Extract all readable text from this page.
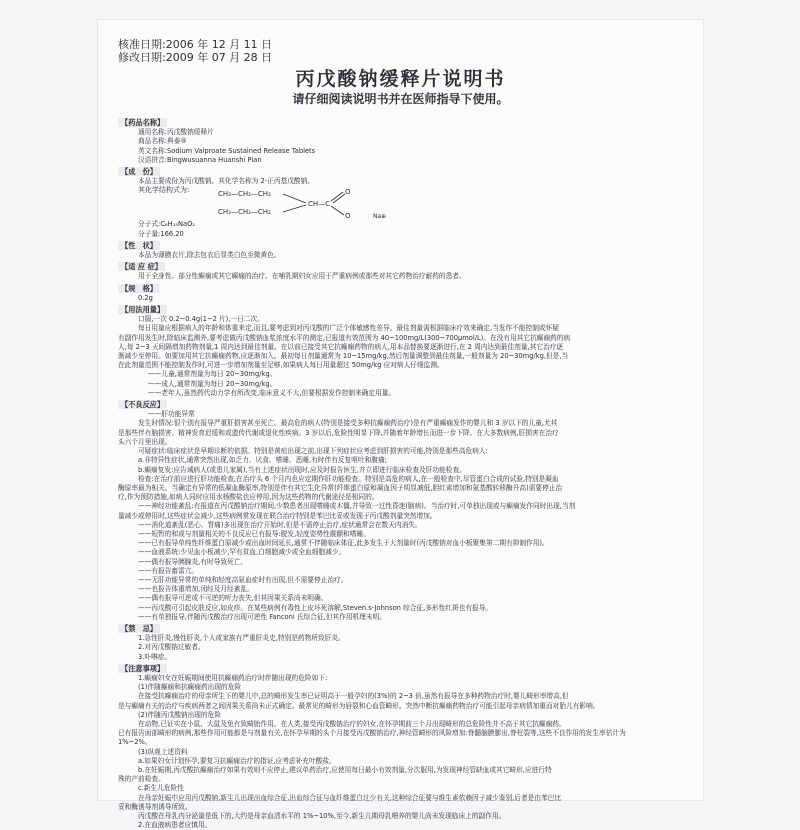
核准日期:2006 年 12 月 11 日
修改日期:2009 年 07 月 28 日
丙戊酸钠缓释片说明书
请仔细阅读说明书并在医师指导下使用。
【药品名称】
通用名称:丙戊酸钠缓释片
商品名称:典泰®
英文名称:Sodium Valproate Sustained Release Tablets
汉语拼音:Bingwusuanna Huanshi Pian
【成　份】
本品主要成份为丙戊酸钠。其化学名称为 2-正丙基戊酸钠。
其化学结构式为:	CH₃—CH₂—CH₂
CH₃—CH₂—CH₂
CH—C
O
O	Na⊕
分子式:C₈H₁₅NaO₂
分子量:166.20
【性　状】
本品为薄膜衣片,除去包衣后显类白色至微黄色。
【适 应 症】
用于全身性、部分性癫痫或其它癫痫的治疗。在哺乳期妇女应用于严重病例或那些对其它药物治疗耐药的患者。
【规　格】
0.2g
【用法用量】
口服,一次 0.2~0.4g(1~2 片),一日二次。
每日用量应根据病人的年龄和体重来定,而且,要考虑到对丙戊酸的广泛个体敏感性差异。最佳剂量需根据临床疗效来确定,当发作不能控制或怀疑
有副作用发生时,除临床监测外,要考虑做丙戊酸钠血浆浓度水平的测定,已报道有效范围为 40~100mg/L(300~700μmol/L)。在没有用其它抗癫痫药的病
人,每 2~3 天间隔增加药物剂量,1 周内达到最佳剂量。在以前已接受其它抗癫痫药物的病人,用本品替换要逐渐进行,在 2 周内达到最佳剂量,其它治疗逐
渐减少至停用。如要加用其它抗癫痫药物,应逐渐加入。最初每日剂量通常为 10~15mg/kg,然后剂量调整到最佳剂量,一般剂量为 20~30mg/kg,但是,当
在此剂量范围不能控制发作时,可进一步增加剂量至足够,如果病人每日用量超过 50mg/kg 应对病人仔细监测。
——儿童,通常剂量为每日 20~30mg/kg。
——成人,通常剂量为每日 20~30mg/kg。
——老年人,虽然药代动力学有所改变,临床意义不大,但要根据发作控制来确定用量。
【不良反应】
——肝功能异常
发生时情况:很个别有报导严重肝损害甚至死亡。最高危的病人(特别是接受多种抗癫痫药治疗)是有严重癫痫发作的婴儿和 3 岁以下的儿童,尤其
是那些伴有脑损害、精神发育迟缓和或遗传代谢或退化性疾病。3 岁以后,危险性明显下降,并随着年龄增长而进一步下降。在大多数病例,肝损害在治疗
头六个月里出现。
可疑症状:临床症状是早期诊断的依据。特别是黄疸出现之前,出现下列症状应考虑到肝损害的可能,特别是那些高危病人:
a.非特异性症状,通常突然出现,如乏力、厌食、嗜睡、恶睡,有时伴有反复呕吐和腹痛;
b.癫痫复发:应告诫病人(或患儿家属),当有上述症状出现时,应及时报告医生,并立即进行临床检查及肝功能检查。
检查:在治疗前应进行肝功能检查,在治疗头 6 个月内也应定期作肝功能检查。特别是高危的病人,在一般检查中,尽管蛋白合成的试验,特别是凝血
酶原率最为相关。当确定有异常的低凝血酶原率,特别是伴有其它生化异常(纤维蛋白原和凝血因子明显减低,胆红素增加和氨基酸转移酶升高)需要停止治
疗,作为预防措施,如病人同时应用水杨酸盐也应停用,因为这些药物的代谢途径是相同的。
——神经功能紊乱:有报道在丙戊酸钠治疗期间,少数患者出现嗜睡或木僵,并导致一过性昏迷(脑病)。当治疗时,可单独出现或与癫痫发作同时出现,当剂
量减少或停用时,这些症状会减少,这些病例常发现在联合治疗特别是苯巴比妥或发现于丙戊酸剂量突然增加。
——消化道紊乱(恶心、胃痛)多出现在治疗开始时,但是不需停止治疗,症状通常会在数天内消失。
——短暂的和或与剂量相关的不良反应已有报导:脱发,轻度姿势性震颤和嗜睡。
——已有报导单纯性纤维蛋白原减少或出血时间延长,通常不伴随临床体征,此多发生于大剂量时(丙戊酸钠对血小板聚集第二期有抑制作用)。
——血液系统:少见血小板减少,罕有贫血,白细胞减少或全血细胞减少。
——偶有报导胰腺炎,有时导致死亡。
——有报告畜雷亢。
——无肝功能异常的单纯和轻度高氨血症时有出现,但不需要停止治疗。
——也报告体重增加,闭经及月经紊乱。
——偶有报导可逆或不可逆的听力丧失,但其因果关系尚未明确。
——丙戊酸可引起皮肤反应,如皮疹。在某些病例有毒性上皮坏死溶解,Steven.s-Johnson 综合征,多形性红斑也有报导。
——有单独报导,伴随丙戊酸治疗出现可逆性 Fanconi 氏综合征,但其作用机理未明。
【禁　忌】
1.急性肝炎,慢性肝炎,个人或家族有严重肝炎史,特别是药物所致肝炎。
2.对丙戊酸钠过敏者。
3.卟啉症。
【注意事项】
1.癫痫妇女在妊娠期间使用抗癫痫药治疗时伴随出现的危险如下:
(1)伴随癫痫和抗癫痫药出现的危险
在接受抗癫痫治疗的母亲所生下的婴儿中,总的畸形发生率已证明高于一般孕妇的(3%)的 2~3 倍,虽然有报导在多种药物治疗时,婴儿畸形率增高,但
是与癫痫有关的治疗与疾病两者之间因果关系尚未正式确定。最常见的畸形为唇裂和心血管畸形。突然中断抗癫痫药物治疗可能引起母亲病情加重而对胎儿有影响。
(2)伴随丙戊酸钠出现的危险
在动物,已证实在小鼠、大鼠及兔有致畸胎作用。在人类,接受丙戊酸钠治疗的妇女,在怀孕期前三个月出现畸形的总危险性并不高于其它抗癫痫药。
已有报告面部畸形的病例,那些作用可能都是与剂量有关,在怀孕早期的头个月接受丙戊酸钠治疗,神经管畸形的风险增加:脊髓脑膜膨出,脊柱裂等,这些不良作用的发生率估计为
1%~2%。
(3)纵观上述资料
a.如果妇女计划怀孕,要复习抗癫痫治疗的指证,应考虑补充叶酸盐。
b.在妊娠期,丙戊酸抗癫痫治疗如果有效则不应停止,建议单药治疗,应使用每日最小有效剂量,分次服用,为发现神经管缺血或其它畸形,应进行特
殊的产前检查。
c.新生儿危险性
在母亲妊娠中应用丙戊酸钠,新生儿出现出血综合征,出血综合征与血纤维蛋白过少有关,这种综合征要与维生素依赖因子减少鉴别,后者是由苯巴比
妥和酶诱导剂诱导所致。
丙戊酸在母乳内分泌量是低下的,大约是母亲血清水平的 1%~10%,至今,新生儿期母乳喂养的婴儿尚未发现临床上的副作用。
2.在血液病患者应慎用。
